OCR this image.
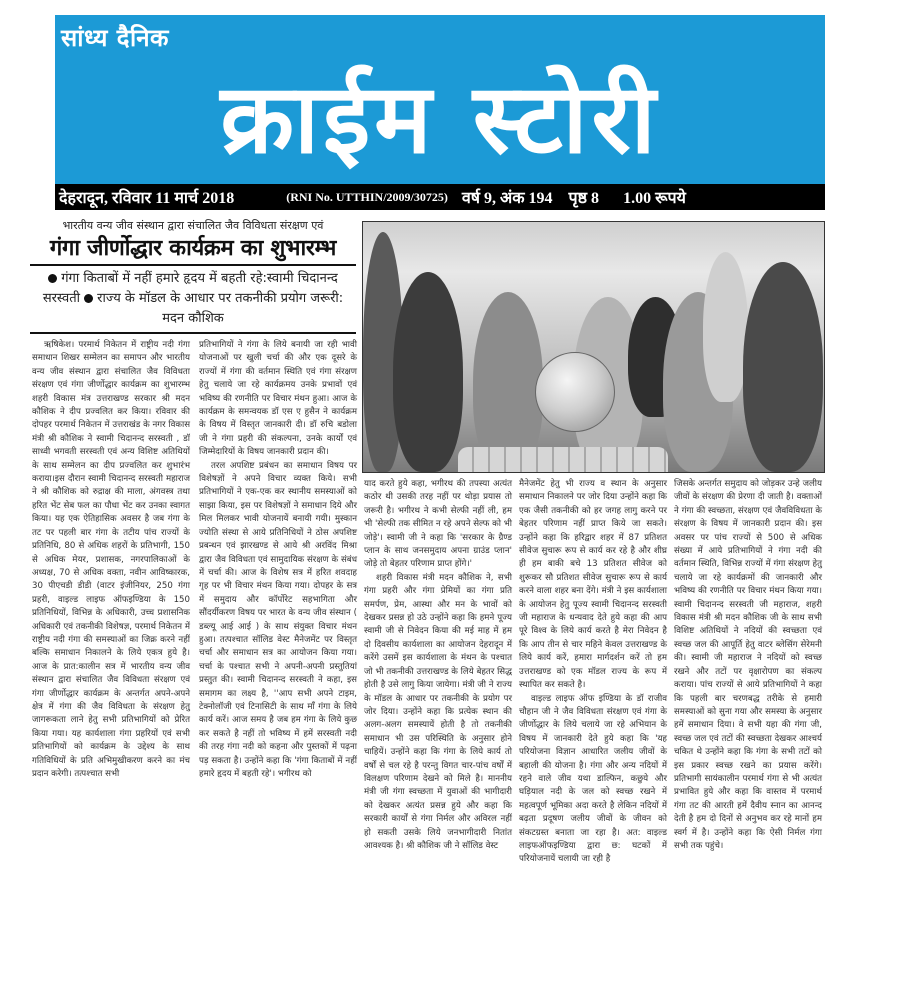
सांध्य दैनिक
क्राईम स्टोरी
देहरादून, रविवार 11 मार्च 2018	(RNI No. UTTHIN/2009/30725) वर्ष 9, अंक 194 पृष्ठ 8 1.00 रूपये
भारतीय वन्य जीव संस्थान द्वारा संचालित जैव विविधता संरक्षण एवं
गंगा जीर्णोद्धार कार्यक्रम का शुभारम्भ
गंगा किताबों में नहीं हमारे हृदय में बहती रहे:स्वामी चिदानन्द सरस्वती राज्य के मॉडल के आधार पर तकनीकी प्रयोग जरूरी: मदन कौशिक

ऋषिकेश। परमार्थ निकेतन में राष्ट्रीय नदी गंगा समाधान शिखर सम्मेलन का समापन और भारतीय वन्य जीव संस्थान द्वारा संचालित जैव विविधता संरक्षण एवं गंगा जीर्णोद्धार कार्यक्रम का शुभारम्भ शहरी विकास मंत्र उत्तराखण्ड सरकार श्री मदन कौशिक ने दीप प्रज्वलित कर किया। रविवार की दोपहर परमार्थ निकेतन में उत्तराखंड के नगर विकास मंत्री श्री कौशिक ने स्वामी चिदानन्द सरस्वती , डॉ साध्वी भगवती सरस्वती एवं अन्य विशिष्ट अतिथियों के साथ सम्मेलन का दीप प्रज्वलित कर शुभारंभ कराया।इस दौरान स्वामी चिदानन्द सरस्वती महाराज ने श्री कौशिक को रुद्राक्ष की माला, अंगवस्त्र तथा हरित भेंट सेब फल का पौधा भेंट कर उनका स्वागत किया। यह एक ऐतिहासिक अवसर है जब गंगा के तट पर पहली बार गंगा के तटीय पांच राज्यों के प्रतिनिधि, 80 से अधिक शहरों के प्रतिभागी, 150 से अधिक मेयर, प्रशासक, नगरपालिकाओं के अध्यक्ष, 70 से अधिक वक्ता, नवीन आविष्कारक, 30 पीएचडी डीडी (वाटर इंजीनियर, 250 गंगा प्रहरी, वाइल्ड लाइफ ऑफइण्डिया के 150 प्रतिनिधियों, विभिन्न के अधिकारी, उच्च प्रशासनिक अधिकारी एवं तकनीकी विशेषज्ञ, परमार्थ निकेतन में राष्ट्रीय नदी गंगा की समस्याओं का जिक्र करने नहीं बल्कि समाधान निकालने के लिये एकत्र हुये है। आज के प्रात:कालीन सत्र में भारतीय वन्य जीव संस्थान द्वारा संचालित जैव विविधता संरक्षण एवं गंगा जीर्णोद्धार कार्यक्रम के अन्तर्गत अपने-अपने क्षेत्र में गंगा की जैव विविधता के संरक्षण हेतु जागरूकता लाने हेतु सभी प्रतिभागियों को प्रेरित किया गया। यह कार्यशाला गंगा प्रहरियों एवं सभी प्रतिभागियों को कार्यक्रम के उद्देश्य के साथ गतिविधियों के प्रति अभिमुखीकरण करने का मंच प्रदान करेगी। तत्पश्चात सभी

प्रतिभागियों ने गंगा के लिये बनायी जा रही भावी योजनाओं पर खुली चर्चा की और एक दूसरे के राज्यों में गंगा की वर्तमान स्थिति एवं गंगा संरक्षण हेतु चलाये जा रहे कार्यक्रमय उनके प्रभावों एवं भविष्य की रणनीति पर विचार मंथन हुआ। आज के कार्यक्रम के समन्वयक डॉ एस ए हुसैन ने कार्यक्रम के विषय में विस्तृत जानकारी दी। डॉ रुचि बडोला जी ने गंगा प्रहरी की संकल्पना, उनके कार्यों एवं जिम्मेदारियों के विषय जानकारी प्रदान की।

तरल अपशिष्ट प्रबंधन का समाधान विषय पर विशेषज्ञों ने अपने विचार व्यक्त किये। सभी प्रतिभागियों ने एक-एक कर स्थानीय समस्याओं को साझा किया, इस पर विशेषज्ञों ने समाधान दिये और मिल मिलकर भावी योजनायें बनायी गयी। मुस्कान ज्योति संस्था से आये प्रतिनिधियों ने ठोस अपशिष्ट प्रबन्धन एवं झारखण्ड से आये श्री अरविंद मिश्रा द्वारा जैव विविधता एवं सामुदायिक संरक्षण के संबंध में चर्चा की। आज के विशेष सत्र में हरित शवदाह गृह पर भी विचार मंथन किया गया। दोपहर के सत्र में समुदाय और कॉर्पोरेट सहभागिता और सौंदर्यीकरण विषय पर भारत के वन्य जीव संस्थान ( डब्ल्यू आई आई ) के साथ संयुक्त विचार मंथन हुआ। तत्पश्चात सॉलिड वेस्ट मैनेजमेंट पर विस्तृत चर्चा और समाधान सत्र का आयोजन किया गया। चर्चा के पश्चात सभी ने अपनी-अपनी प्रस्तुतियां प्रस्तुत की। स्वामी चिदानन्द सरस्वती ने कहा, इस समागम का लक्ष्य है, ''आप सभी अपने टाइम, टेक्नोलॉजी एवं टिनासिटी के साथ माँ गंगा के लिये कार्य करें। आज समय है जब हम गंगा के लिये कुछ कर सकते है नहीं तो भविष्य में हमें सरस्वती नदी की तरह गंगा नदी को कहना और पुस्तकों में पढ़ना पड़ सकता है। उन्होंने कहा कि 'गंगा किताबों में नहीं हमारे हृदय में बहती रहे'। भगीरथ को

याद करते हुये कहा, भगीरथ की तपस्या अत्यंत कठोर थी उसकी तरह नहीं पर थोड़ा प्रयास तो जरूरी है। भगीरथ ने कभी सेल्फी नहीं ली, हम भी 'सेल्फी तक सीमित न रहे अपने सेल्फ को भी जोड़े'। स्वामी जी ने कहा कि 'सरकार के ग्रैण्ड प्लान के साथ जनसमुदाय अपना ग्राउंड प्लान' जोड़े तो बेहतर परिणाम प्राप्त होंगे।'

शहरी विकास मंत्री मदन कौशिक ने, सभी गंगा प्रहरी और गंगा प्रेमियों का गंगा प्रति समर्पण, प्रेम, आस्था और मन के भावों को देखकर प्रसन्न हो उठे उन्होंने कहा कि हमने पूज्य स्वामी जी से निवेदन किया की मई माह में हम दो दिवसीय कार्यशाला का आयोजन देहरादून में करेंगे उसमें इस कार्यशाला के मंथन के पश्चात जो भी तकनीकी उत्तराखण्ड के लिये बेहतर सिद्ध होती है उसे लागु किया जायेगा। मंत्री जी ने राज्य के मॉडल के आधार पर तकनीकी के प्रयोग पर जोर दिया। उन्होंने कहा कि प्रत्येक स्थान की अलग-अलग समस्यायें होती है तो तकनीकी समाधान भी उस परिस्थिति के अनुसार होने चाहियें। उन्होंने कहा कि गंगा के लिये कार्य तो वर्षों से चल रहे है परन्तु विगत चार-पांच वर्षों में विलक्षण परिणाम देखने को मिले है। माननीय मंत्री जी गंगा स्वच्छता में युवाओं की भागीदारी को देखकर अत्यंत प्रसन्न हुये और कहा कि सरकारी कार्यों से गंगा निर्मल और अविरल नहीं हो सकती उसके लिये जनभागीदारी नितांत आवश्यक है। श्री कौशिक जी ने सॉलिड वेस्ट

मैनेजमेंट हेतु भी राज्य व स्थान के अनुसार समाधान निकालने पर जोर दिया उन्होंने कहा कि एक जैसी तकनीकी को हर जगह लागु करने पर बेहतर परिणाम नहीं प्राप्त किये जा सकते। उन्होंने कहा कि हरिद्वार शहर में 87 प्रतिशत सीवेज सुचारू रूप से कार्य कर रहे है और शीघ्र ही हम बाकी बचे 13 प्रतिशत सीवेज को शुरूकर सौ प्रतिशत सीवेज सुचारू रूप से कार्य करने वाला शहर बना देंगे। मंत्री ने इस कार्यशाला के आयोजन हेतु पूज्य स्वामी चिदानन्द सरस्वती जी महाराज के धन्यवाद देते हुये कहा की आप पूरे विश्व के लिये कार्य करते है मेरा निवेदन है कि आप तीन से चार महिने केवल उत्तराखण्ड के लिये कार्य करें, हमारा मार्गदर्शन करें तो हम उत्तराखण्ड को एक मॉडल राज्य के रूप में स्थापित कर सकते है।

वाइल्ड लाइफ ऑफ इण्डिया के डॉ राजीव चौहान जी ने जैव विविधता संरक्षण एवं गंगा के जीर्णोद्धार के लिये चलाये जा रहे अभियान के विषय में जानकारी देते हुये कहा कि 'यह परियोजना विज्ञान आधारित जलीय जीवों के बहाली की योजना है। गंगा और अन्य नदियों में रहने वाले जीव यथा डाल्फिन, कछुये और घड़ियाल नदी के जल को स्वच्छ रखने में महत्वपूर्ण भूमिका अदा करते है लेकिन नदियों में बढ़ता प्रदूषण जलीय जीवों के जीवन को संकटग्रस्त बनाता जा रहा है। अत: वाइल्ड लाइफऑफइण्डिया द्वारा छ: घटकों में परियोजनायें चलायी जा रही है

जिसके अन्तर्गत समुदाय को जोड़कर उन्हे जलीय जीवों के संरक्षण की प्रेरणा दी जाती है। वक्ताओं ने गंगा की स्वच्छता, संरक्षण एवं जैवविविधता के संरक्षण के विषय में जानकारी प्रदान की। इस अवसर पर पांच राज्यों से 500 से अधिक संख्या में आये प्रतिभागियों ने गंगा नदी की वर्तमान स्थिति, विभिन्न राज्यों में गंगा संरक्षण हेतु चलाये जा रहे कार्यक्रमों की जानकारी और भविष्य की रणनीति पर विचार मंथन किया गया। स्वामी चिदानन्द सरस्वती जी महाराज, शहरी विकास मंत्री श्री मदन कौशिक जी के साथ सभी विशिष्ट अतिथियों ने नदियों की स्वच्छता एवं स्वच्छ जल की आपूर्ति हेतु वाटर ब्लेसिंग सेरेमनी की। स्वामी जी महाराज ने नदियों को स्वच्छ रखने और तटों पर वृक्षारोपण का संकल्प कराया। पांच राज्यों से आये प्रतिभागियों ने कहा कि पहली बार चरणबद्ध तरीके से हमारी समस्याओं को सुना गया और समस्या के अनुसार हमें समाधान दिया। वे सभी यहा की गंगा जी, स्वच्छ जल एवं तटों की स्वच्छता देखकर आश्चर्य चकित थे उन्होंने कहा कि गंगा के सभी तटों को इस प्रकार स्वच्छ रखने का प्रयास करेंगे। प्रतिभागी सायंकालीन परमार्थ गंगा से भी अत्यंत प्रभावित हुये और कहा कि वास्तव में परमार्थ गंगा तट की आरती हमें दैवीय स्नान का आनन्द देती है हम दो दिनों से अनुभव कर रहे मानों हम स्वर्ग में है। उन्होंने कहा कि ऐसी निर्मल गंगा सभी तक पहुंचे।
